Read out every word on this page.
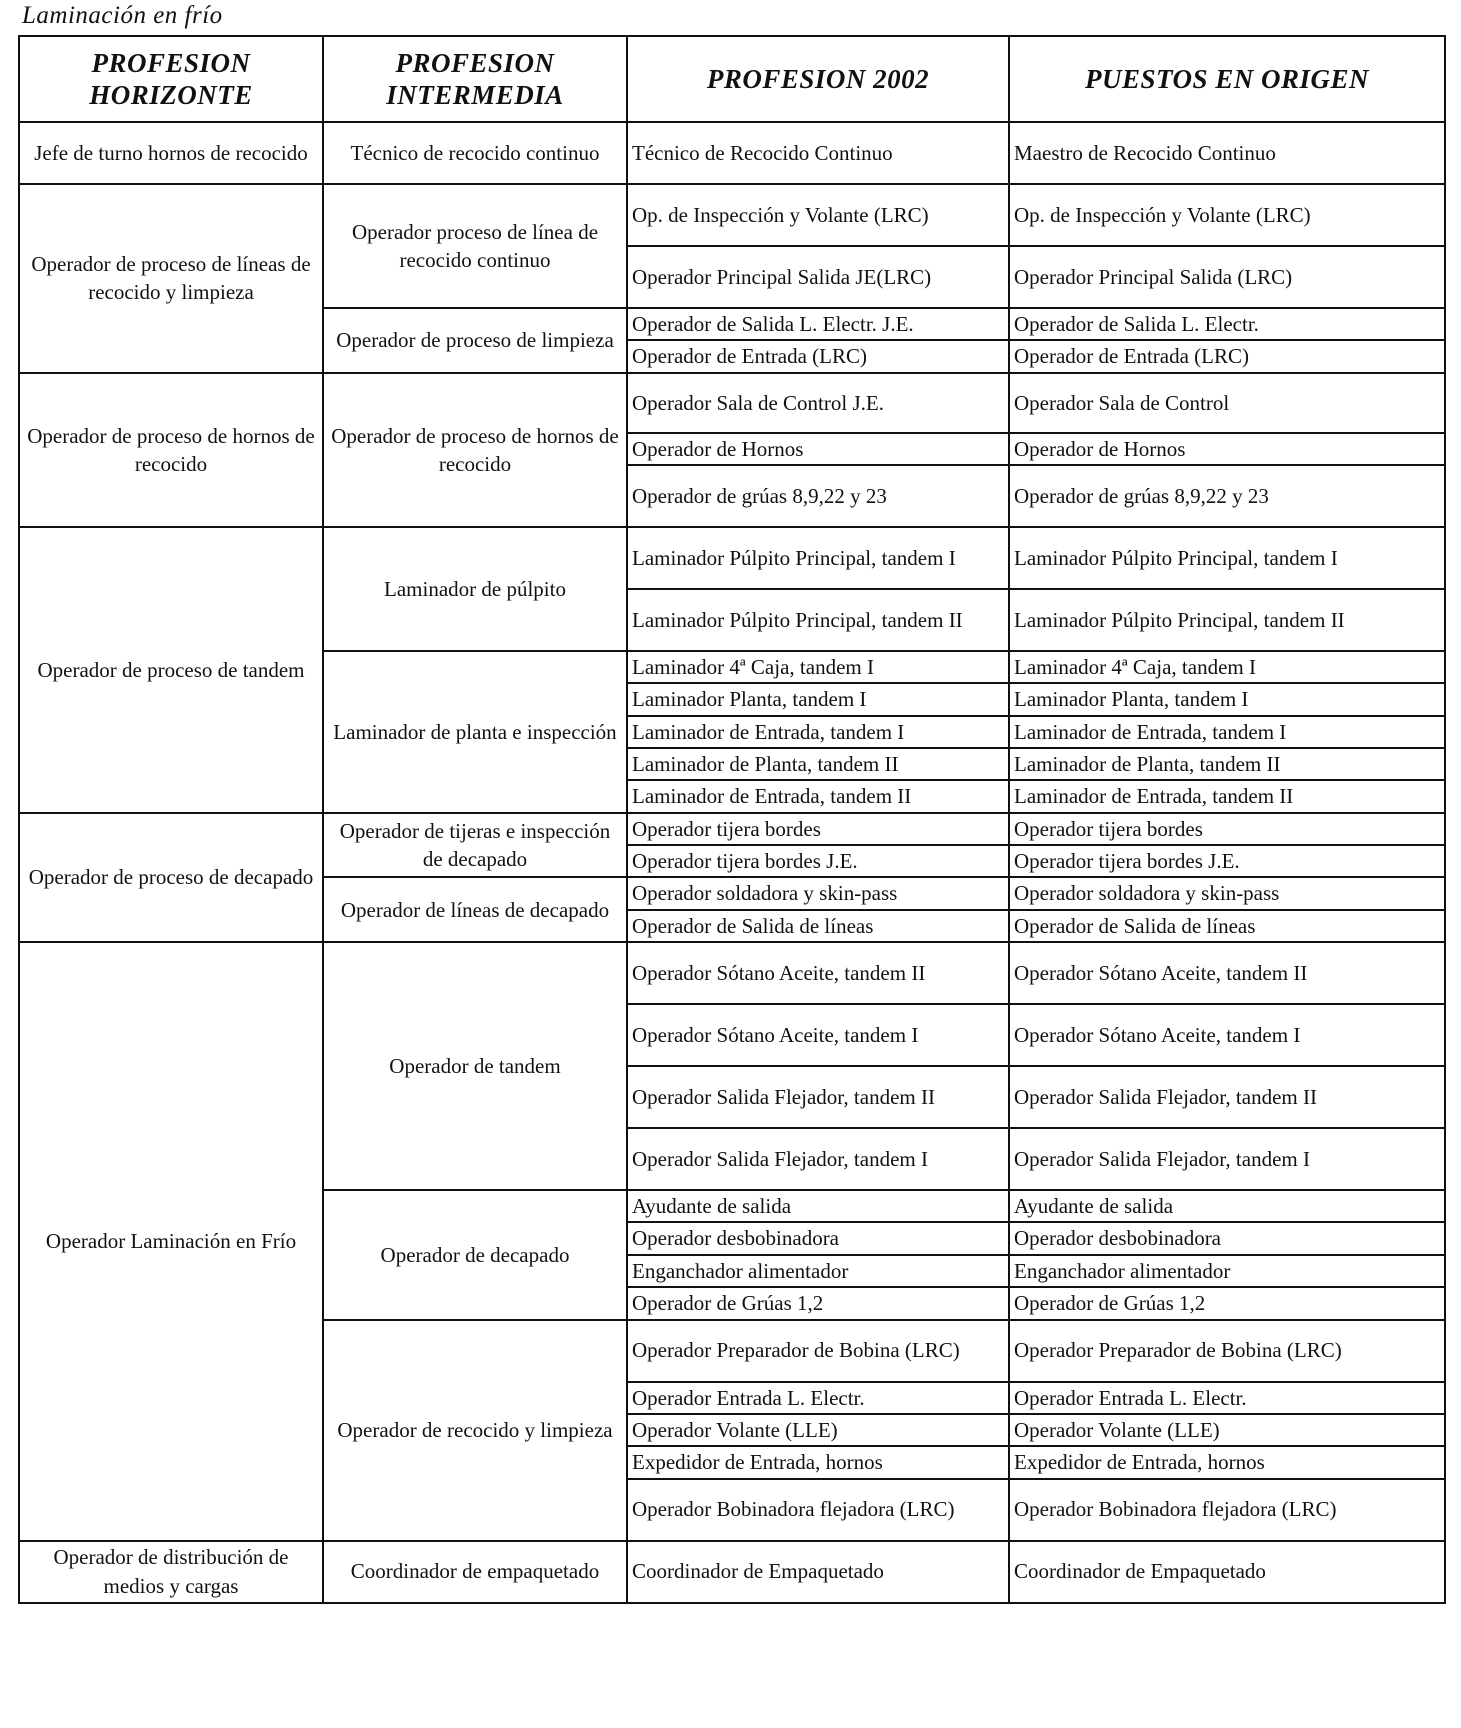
Laminación en frío
PROFESION HORIZONTE	PROFESION INTERMEDIA	PROFESION 2002	PUESTOS EN ORIGEN
Jefe de turno hornos de recocido	Técnico de recocido continuo	Técnico de Recocido Continuo	Maestro de Recocido Continuo
Operador de proceso de líneas de recocido y limpieza	Operador proceso de línea de recocido continuo	Op. de Inspección y Volante (LRC)	Op. de Inspección y Volante (LRC)
		Operador Principal Salida JE(LRC)	Operador Principal Salida (LRC)
	Operador de proceso de limpieza	Operador de Salida L. Electr. J.E.	Operador de Salida L. Electr.
		Operador de Entrada (LRC)	Operador de Entrada (LRC)
Operador de proceso de hornos de recocido	Operador de proceso de hornos de recocido	Operador Sala de Control J.E.	Operador Sala de Control
		Operador de Hornos	Operador de Hornos
		Operador de grúas 8,9,22 y 23	Operador de grúas 8,9,22 y 23
Operador de proceso de tandem	Laminador de púlpito	Laminador Púlpito Principal, tandem I	Laminador Púlpito Principal, tandem I
		Laminador Púlpito Principal, tandem II	Laminador Púlpito Principal, tandem II
	Laminador de planta e inspección	Laminador 4ª Caja, tandem I	Laminador 4ª Caja, tandem I
		Laminador Planta, tandem I	Laminador Planta, tandem I
		Laminador de Entrada, tandem I	Laminador de Entrada, tandem I
		Laminador de Planta, tandem II	Laminador de Planta, tandem II
		Laminador de Entrada, tandem II	Laminador de Entrada, tandem II
Operador de proceso de decapado	Operador de tijeras e inspección de decapado	Operador tijera bordes	Operador tijera bordes
		Operador tijera bordes J.E.	Operador tijera bordes J.E.
	Operador de líneas de decapado	Operador soldadora y skin-pass	Operador soldadora y skin-pass
		Operador de Salida de líneas	Operador de Salida de líneas
Operador Laminación en Frío	Operador de tandem	Operador Sótano Aceite, tandem II	Operador Sótano Aceite, tandem II
		Operador Sótano Aceite, tandem I	Operador Sótano Aceite, tandem I
		Operador Salida Flejador, tandem II	Operador Salida Flejador, tandem II
		Operador Salida Flejador, tandem I	Operador Salida Flejador, tandem I
	Operador de decapado	Ayudante de salida	Ayudante de salida
		Operador desbobinadora	Operador desbobinadora
		Enganchador alimentador	Enganchador alimentador
		Operador de Grúas 1,2	Operador de Grúas 1,2
	Operador de recocido y limpieza	Operador Preparador de Bobina (LRC)	Operador Preparador de Bobina (LRC)
		Operador Entrada L. Electr.	Operador Entrada L. Electr.
		Operador Volante (LLE)	Operador Volante (LLE)
		Expedidor de Entrada, hornos	Expedidor de Entrada, hornos
		Operador Bobinadora flejadora (LRC)	Operador Bobinadora flejadora (LRC)
Operador de distribución de medios y cargas	Coordinador de empaquetado	Coordinador de Empaquetado	Coordinador de Empaquetado
